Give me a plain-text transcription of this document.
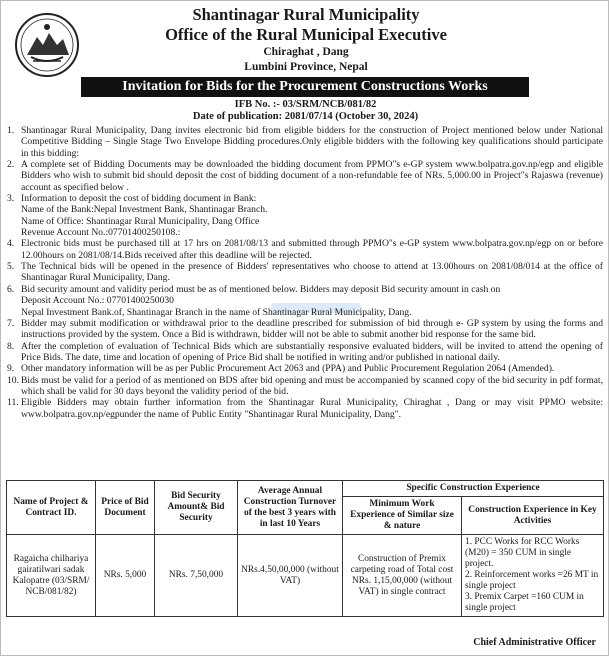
Shantinagar Rural Municipality
Office of the Rural Municipal Executive
Chiraghat , Dang
Lumbini Province, Nepal
Invitation for Bids for the Procurement Constructions Works
IFB No. :- 03/SRM/NCB/081/82
Date of publication: 2081/07/14 (October 30, 2024)
1. Shantinagar Rural Municipality, Dang invites electronic bid from eligible bidders for the construction of Project mentioned below under National Competitive Bidding – Single Stage Two Envelope Bidding procedures.Only eligible bidders with the following key qualifications should participate in this bidding:
2. A complete set of Bidding Documents may be downloaded the bidding document from PPMO"s e-GP system www.bolpatra.gov.np/egp and eligible Bidders who wish to submit bid should deposit the cost of bidding document of a non-refundable fee of NRs. 5,000.00 in Project"s Rajaswa (revenue) account as specified below .
3. Information to deposit the cost of bidding document in Bank:
Name of the Bank:Nepal Investment Bank, Shantinagar Branch.
Name of Office: Shantinagar Rural Municipality, Dang Office
Revenue Account No.:07701400250108.:
4. Electronic bids must be purchased till at 17 hrs on 2081/08/13 and submitted through PPMO"s e-GP system www.bolpatra.gov.np/egp on or before 12.00hours on 2081/08/14.Bids received after this deadline will be rejected.
5. The Technical bids will be opened in the presence of Bidders' representatives who choose to attend at 13.00hours on 2081/08/014 at the office of Shantinagar Rural Municipality, Dang.
6. Bid security amount and validity period must be as of mentioned below. Bidders may deposit Bid security amount in cash on
Deposit Account No.: 07701400250030
Nepal Investment Bank.of, Shantinagar Branch in the name of Shantinagar Rural Municipality, Dang.
7. Bidder may submit modification or withdrawal prior to the deadline prescribed for submission of bid through e- GP system by using the forms and instructions provided by the system. Once a Bid is withdrawn, bidder will not be able to submit another bid response for the same bid.
8. After the completion of evaluation of Technical Bids which are substantially responsive evaluated bidders, will be invited to attend the opening of Price Bids. The date, time and location of opening of Price Bid shall be notified in writing and/or published in national daily.
9. Other mandatory information will be as per Public Procurement Act 2063 and (PPA) and Public Procurement Regulation 2064 (Amended).
10. Bids must be valid for a period of as mentioned on BDS after bid opening and must be accompanied by scanned copy of the bid security in pdf format, which shall be valid for 30 days beyond the validity period of the bid.
11. Eligible Bidders may obtain further information from the Shantinagar Rural Municipality, Chiraghat , Dang or may visit PPMO website: www.bolpatra.gov.np/egpunder the name of Public Entity "Shantinagar Rural Municipality, Dang".
Name of Project & Contract ID.	Price of Bid Document	Bid Security Amount& Bid Security	Average Annual Construction Turnover of the best 3 years with in last 10 Years	Specific Construction Experience	
				Minimum Work Experience of Similar size & nature	Construction Experience in Key Activities
Ragaicha chilhariya gairatilwari sadak Kalopatre (03/SRM/ NCB/081/82)	NRs. 5,000	NRs. 7,50,000	NRs.4,50,00,000 (without VAT)	Construction of Premix carpeting road of Total cost NRs. 1,15,00,000 (without VAT) in single contract	1. PCC Works for RCC Works (M20) = 350 CUM in single project.
2. Reinforcement works =26 MT in single project
3. Premix Carpet =160 CUM in single project
Chief Administrative Officer
